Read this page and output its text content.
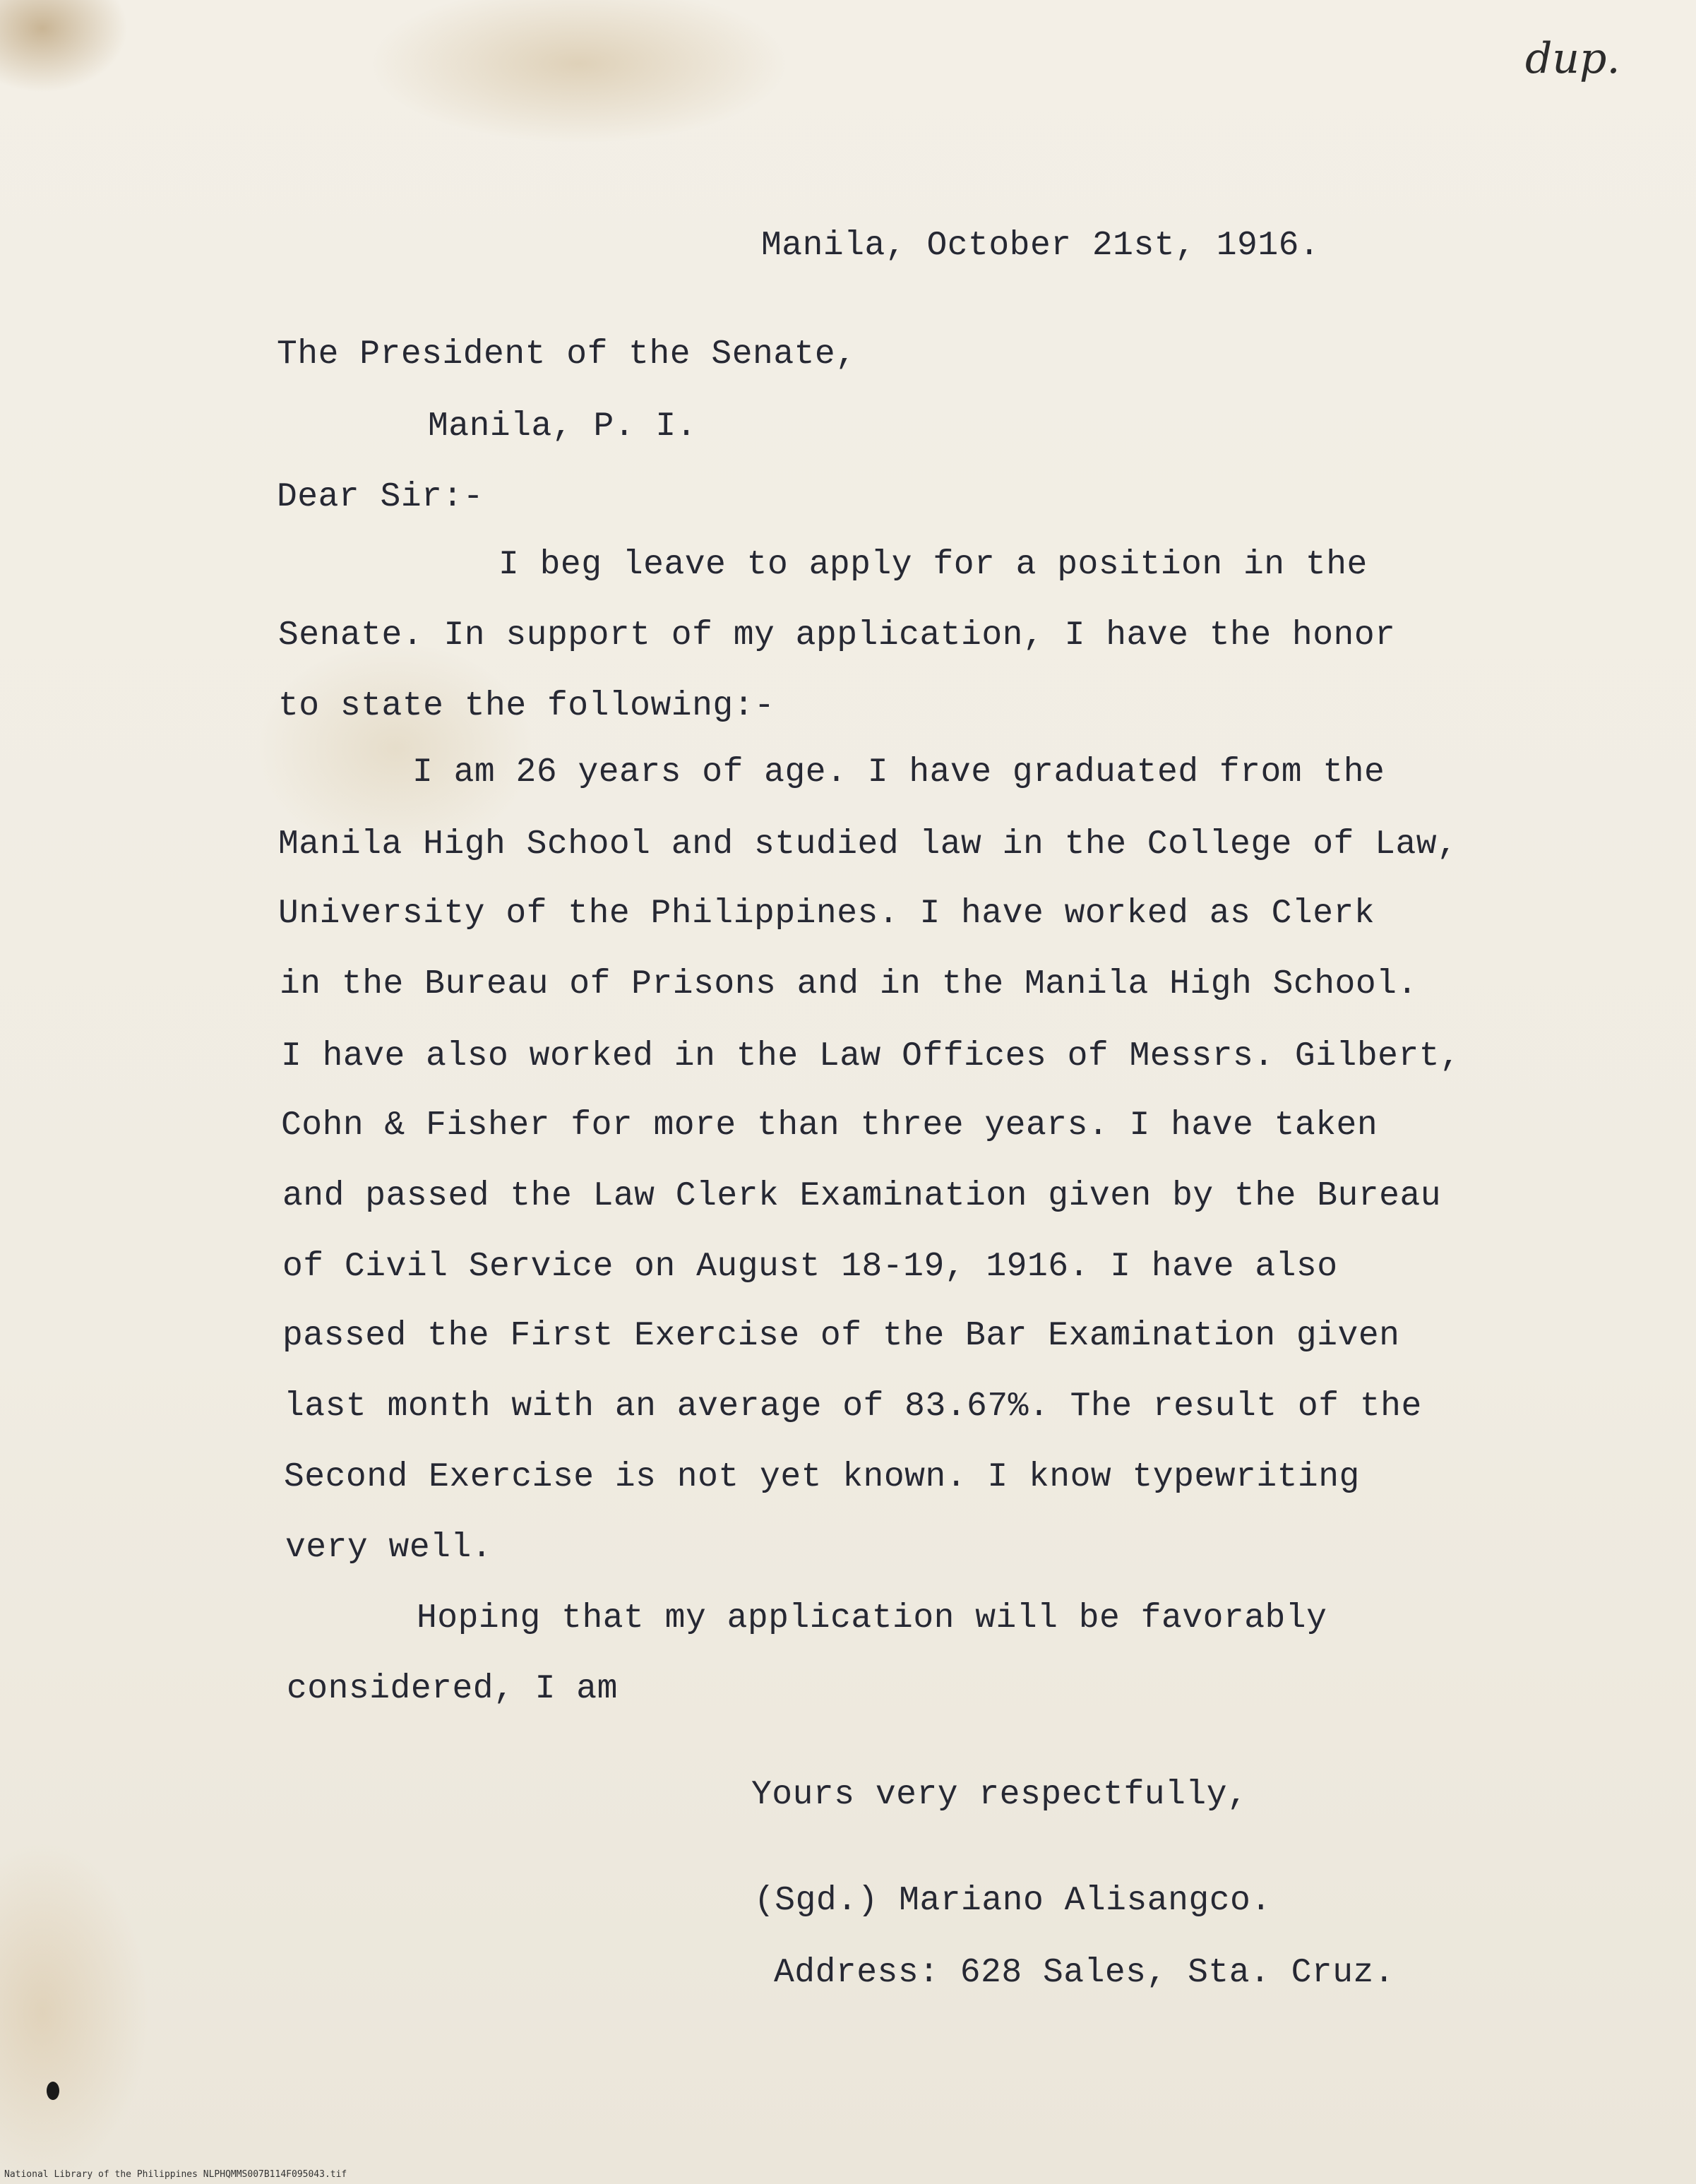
dup.

Manila, October 21st, 1916.

The President of the Senate,

Manila, P. I.

Dear Sir:-

I beg leave to apply for a position in the

Senate. In support of my application, I have the honor

to state the following:-

I am 26 years of age. I have graduated from the

Manila High School and studied law in the College of Law,

University of the Philippines. I have worked as Clerk

in the Bureau of Prisons and in the Manila High School.

I have also worked in the Law Offices of Messrs. Gilbert,

Cohn & Fisher for more than three years. I have taken

and passed the Law Clerk Examination given by the Bureau

of Civil Service on August 18-19, 1916. I have also

passed the First Exercise of the Bar Examination given

last month with an average of 83.67%. The result of the

Second Exercise is not yet known. I know typewriting

very well.

Hoping that my application will be favorably

considered, I am

Yours very respectfully,

(Sgd.) Mariano Alisangco.

Address: 628 Sales, Sta. Cruz.

National Library of the Philippines NLPHQMMS007B114F095043.tif
